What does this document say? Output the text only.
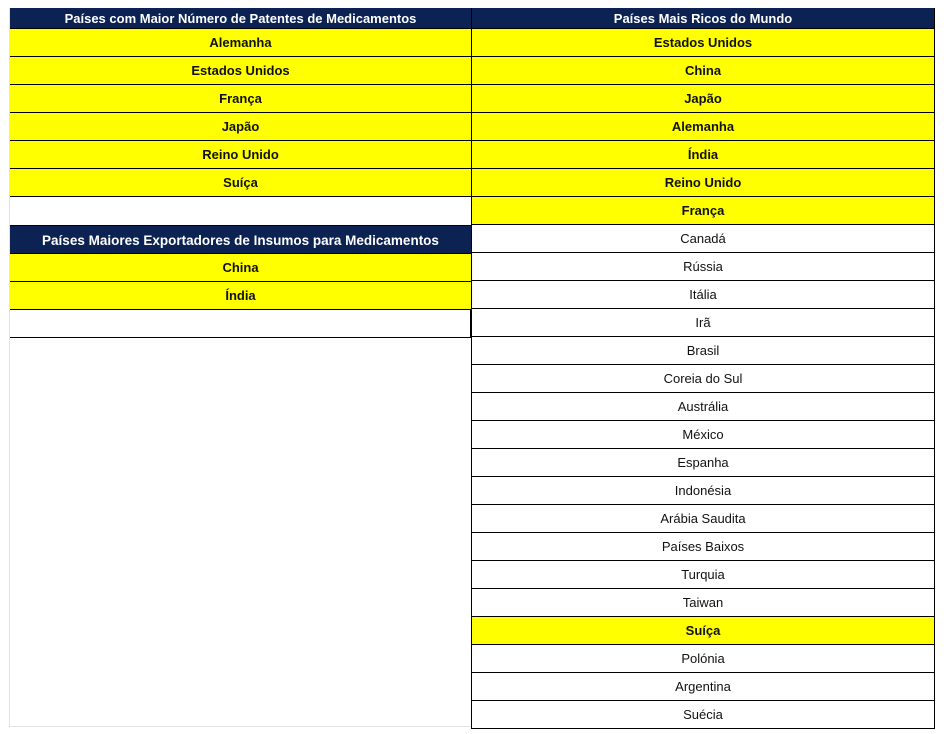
Países com Maior Número de Patentes de Medicamentos
Alemanha
Estados Unidos
França
Japão
Reino Unido
Suíça
Países Maiores Exportadores de Insumos para Medicamentos
China
Índia
Países Mais Ricos do Mundo
Estados Unidos
China
Japão
Alemanha
Índia
Reino Unido
França
Canadá
Rússia
Itália
Irã
Brasil
Coreia do Sul
Austrália
México
Espanha
Indonésia
Arábia Saudita
Países Baixos
Turquia
Taiwan
Suíça
Polónia
Argentina
Suécia
